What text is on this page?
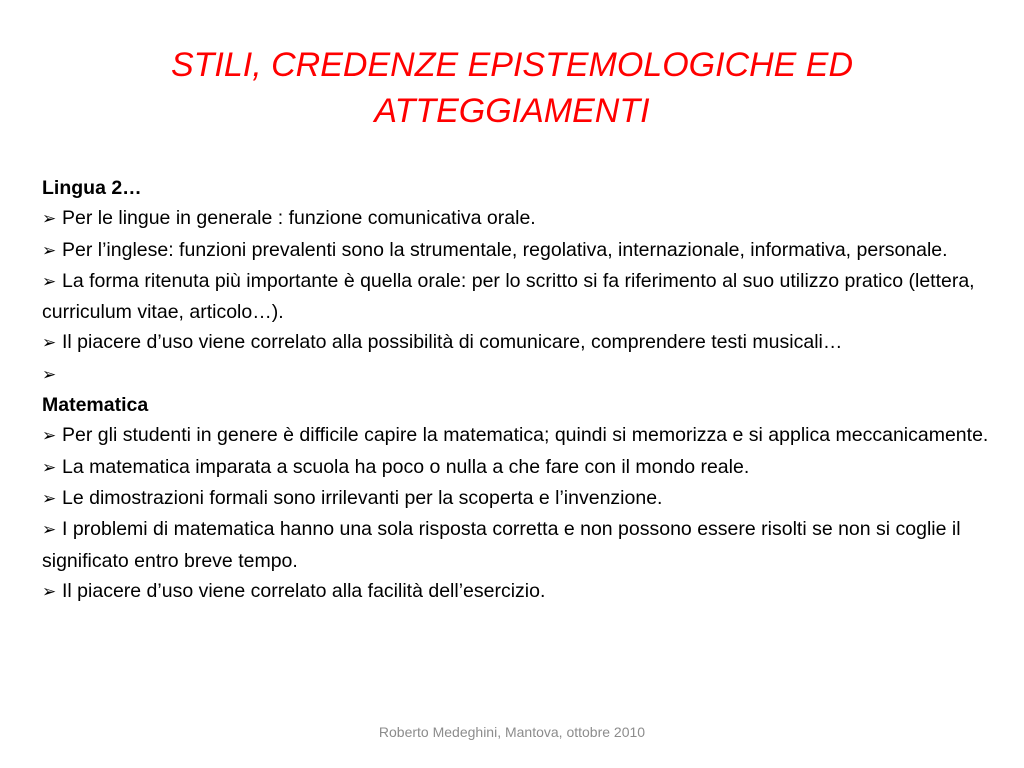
STILI, CREDENZE EPISTEMOLOGICHE ED
ATTEGGIAMENTI
Lingua 2…
➢ Per le lingue in generale : funzione comunicativa orale.
➢ Per l’inglese: funzioni prevalenti sono la strumentale, regolativa, internazionale, informativa, personale.
➢ La forma ritenuta più importante è quella orale: per lo scritto si fa riferimento al suo utilizzo pratico (lettera, curriculum vitae, articolo…).
➢ Il piacere d’uso viene correlato alla possibilità di comunicare, comprendere testi musicali…
➢
Matematica
➢ Per gli studenti in genere è difficile capire la matematica; quindi si memorizza e si applica meccanicamente.
➢ La matematica imparata a scuola ha poco o nulla a che fare con il mondo reale.
➢ Le dimostrazioni formali sono irrilevanti per la scoperta e l’invenzione.
➢ I problemi di matematica hanno una sola risposta corretta e non possono essere risolti se non si coglie il significato entro breve tempo.
➢ Il piacere d’uso viene correlato alla facilità dell’esercizio.
Roberto Medeghini, Mantova, ottobre 2010
